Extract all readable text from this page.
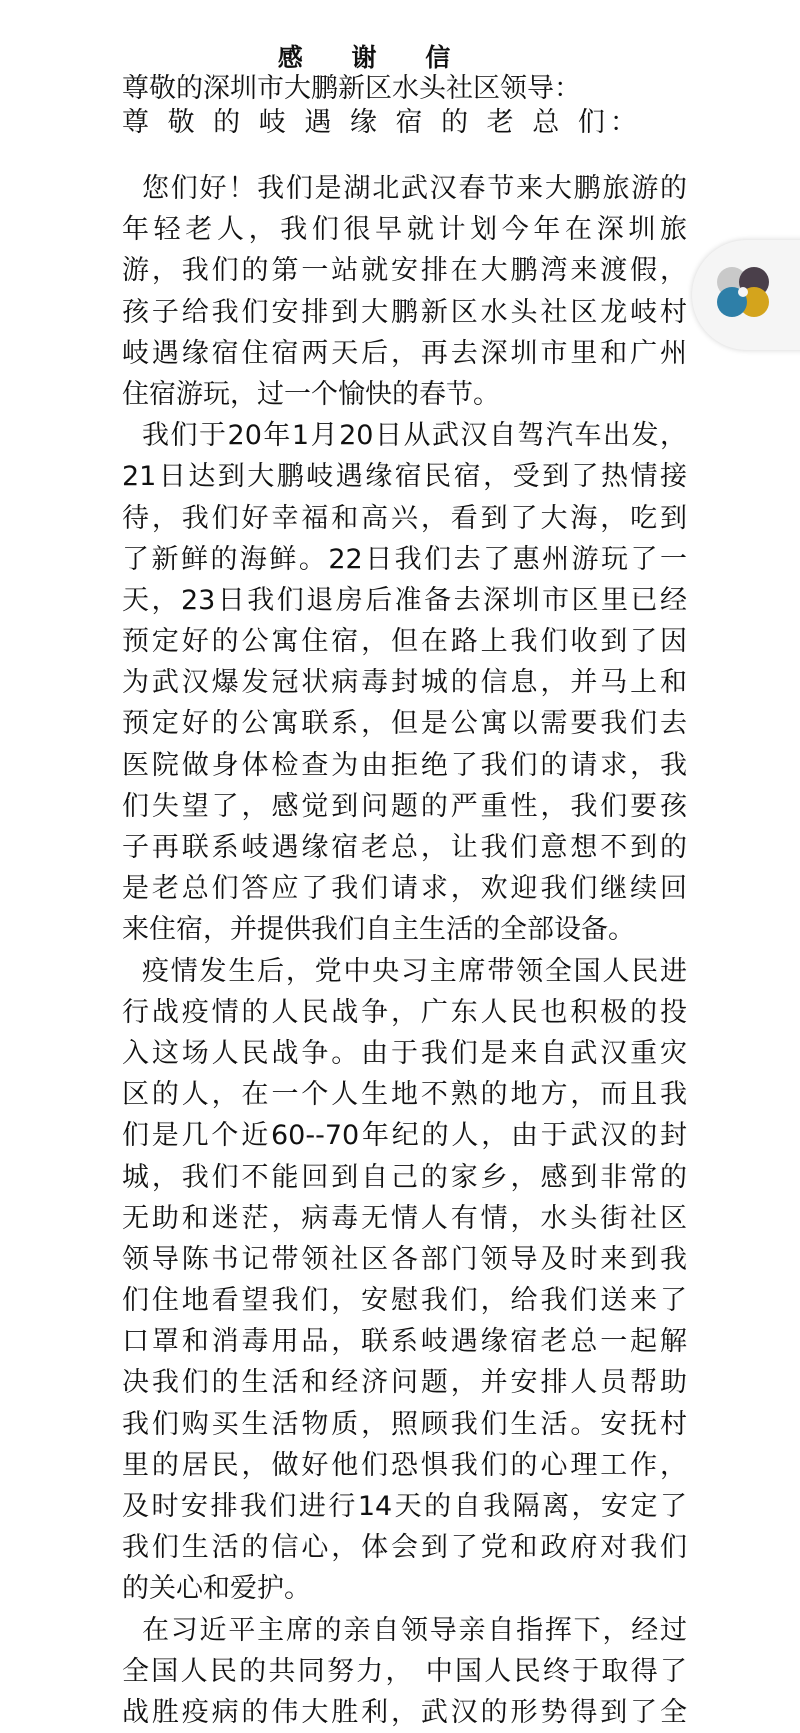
感 谢 信
尊敬的深圳市大鹏新区水头社区领导：
尊 敬 的 岐 遇 缘 宿 的 老 总 们：
您们好！我们是湖北武汉春节来大鹏旅游的
年轻老人，我们很早就计划今年在深圳旅
游，我们的第一站就安排在大鹏湾来渡假，
孩子给我们安排到大鹏新区水头社区龙岐村
岐遇缘宿住宿两天后，再去深圳市里和广州
住宿游玩，过一个愉快的春节。
我们于20年1月20日从武汉自驾汽车出发，
21日达到大鹏岐遇缘宿民宿，受到了热情接
待，我们好幸福和高兴，看到了大海，吃到
了新鲜的海鲜。22日我们去了惠州游玩了一
天，23日我们退房后准备去深圳市区里已经
预定好的公寓住宿，但在路上我们收到了因
为武汉爆发冠状病毒封城的信息，并马上和
预定好的公寓联系，但是公寓以需要我们去
医院做身体检查为由拒绝了我们的请求，我
们失望了，感觉到问题的严重性，我们要孩
子再联系岐遇缘宿老总，让我们意想不到的
是老总们答应了我们请求，欢迎我们继续回
来住宿，并提供我们自主生活的全部设备。
疫情发生后，党中央习主席带领全国人民进
行战疫情的人民战争，广东人民也积极的投
入这场人民战争。由于我们是来自武汉重灾
区的人，在一个人生地不熟的地方，而且我
们是几个近60--70年纪的人，由于武汉的封
城，我们不能回到自己的家乡，感到非常的
无助和迷茫，病毒无情人有情，水头街社区
领导陈书记带领社区各部门领导及时来到我
们住地看望我们，安慰我们，给我们送来了
口罩和消毒用品，联系岐遇缘宿老总一起解
决我们的生活和经济问题，并安排人员帮助
我们购买生活物质，照顾我们生活。安抚村
里的居民，做好他们恐惧我们的心理工作，
及时安排我们进行14天的自我隔离，安定了
我们生活的信心，体会到了党和政府对我们
的关心和爱护。
在习近平主席的亲自领导亲自指挥下，经过
全国人民的共同努力， 中国人民终于取得了
战胜疫病的伟大胜利，武汉的形势得到了全
